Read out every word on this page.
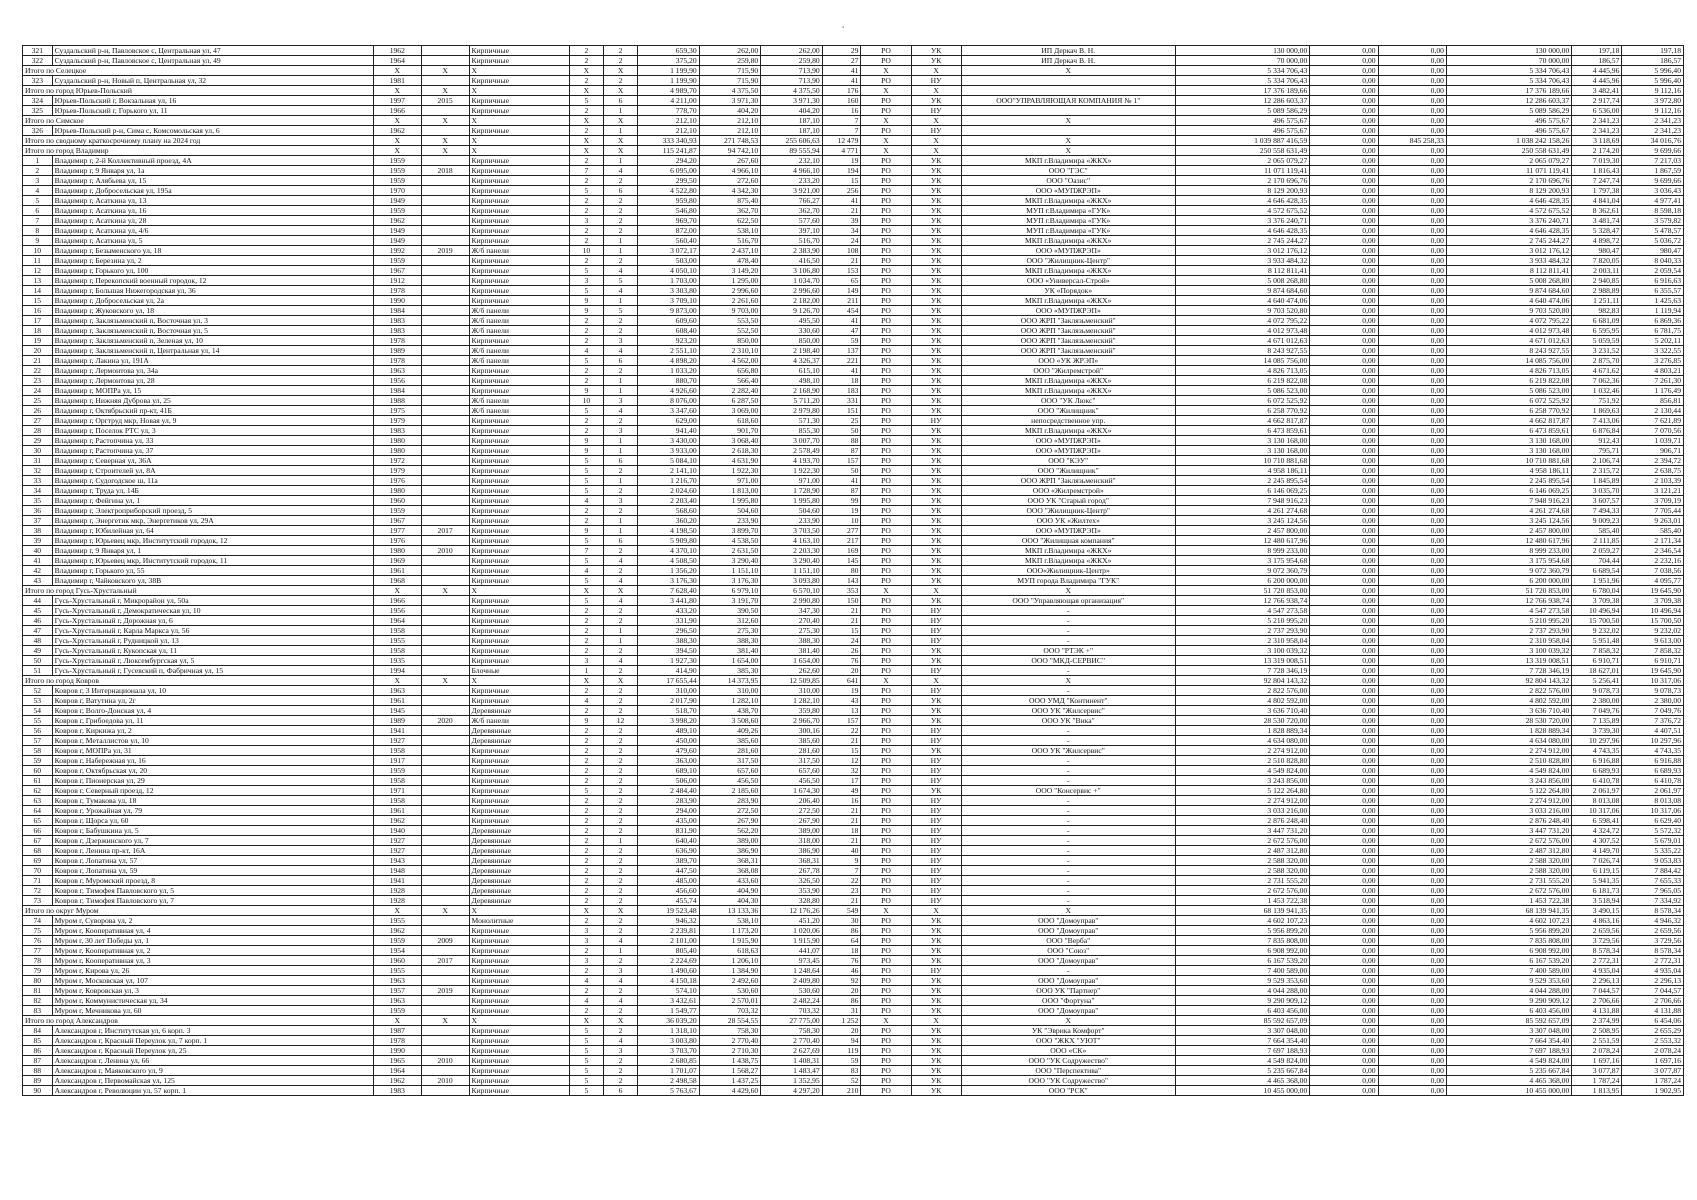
'
321	Суздальский р-н, Павловское с, Центральная ул, 47	1962		Кирпичные	2	2	659,30	262,00	262,00	29	РО	УК	ИП Деркач В. Н.	130 000,00	0,00	0,00	130 000,00	197,18	197,18
322	Суздальский р-н, Павловское с, Центральная ул, 49	1964		Кирпичные	2	2	375,20	259,80	259,80	27	РО	УК	ИП Деркач В. Н.	70 000,00	0,00	0,00	70 000,00	186,57	186,57
Итого по Селецкое		X	X	X	X	X	1 199,90	715,90	713,90	41	X	X	X	5 334 706,43	0,00	0,00	5 334 706,43	4 445,96	5 996,40
323	Суздальский р-н, Новый п, Центральная ул, 32	1981		Кирпичные	2	2	1 199,90	715,90	713,90	41	РО	НУ		5 334 706,43	0,00	0,00	5 334 706,43	4 445,96	5 996,40
Итого по город Юрьев-Польский		X	X	X	X	X	4 989,70	4 375,50	4 375,50	176	X	X		17 376 189,66	0,00	0,00	17 376 189,66	3 482,41	9 112,16
324	Юрьев-Польский г, Вокзальная ул, 16	1997	2015	Кирпичные	5	6	4 211,00	3 971,30	3 971,30	160	РО	УК	ООО"УПРАВЛЯЮЩАЯ КОМПАНИЯ № 1"	12 286 603,37	0,00	0,00	12 286 603,37	2 917,74	3 972,80
325	Юрьев-Польский г, Горького ул, 11	1966		Кирпичные	2	1	778,70	404,20	404,20	16	РО	НУ		5 089 586,29	0,00	0,00	5 089 586,29	6 536,00	9 112,16
Итого по Симское		X	X	X	X	X	212,10	212,10	187,10	7	X	X	X	496 575,67	0,00	0,00	496 575,67	2 341,23	2 341,23
326	Юрьев-Польский р-н, Сима с, Комсомольская ул, 6	1962		Кирпичные	2	1	212,10	212,10	187,10	7	РО	НУ		496 575,67	0,00	0,00	496 575,67	2 341,23	2 341,23
Итого по сводному краткосрочному плану на 2024 год		X	X	X	X	X	333 340,93	271 748,53	255 606,63	12 479	X	X	X	1 039 887 416,59	0,00	845 258,33	1 038 242 158,26	3 118,69	34 016,76
Итого по город Владимир		X	X	X	X	X	115 241,87	94 742,10	89 555,94	4 771	X	X	X	250 558 631,49	0,00	0,00	250 558 631,49	2 174,20	9 699,66
1	Владимир г, 2-й Коллективный проезд, 4А	1959		Кирпичные	2	1	294,20	267,60	232,10	19	РО	УК	МКП г.Владимира «ЖКХ»	2 065 079,27	0,00	0,00	2 065 079,27	7 019,30	7 217,03
2	Владимир г, 9 Января ул, 1а	1959	2018	Кирпичные	7	4	6 095,00	4 966,10	4 966,10	194	РО	УК	ООО "ГЭС"	11 071 119,41	0,00	0,00	11 071 119,41	1 816,43	1 867,59
3	Владимир г, Алябьева ул, 15	1959		Кирпичные	2	2	299,50	272,60	233,20	15	РО	УК	ООО "Оазис"	2 170 696,76	0,00	0,00	2 170 696,76	7 247,74	9 699,66
4	Владимир г, Добросельская ул, 195а	1970		Кирпичные	5	6	4 522,80	4 342,30	3 921,00	256	РО	УК	ООО «МУПЖРЭП»	8 129 200,93	0,00	0,00	8 129 200,93	1 797,38	3 036,43
5	Владимир г, Асаткина ул, 13	1949		Кирпичные	2	2	959,80	875,40	766,27	41	РО	УК	МКП г.Владимира «ЖКХ»	4 646 428,35	0,00	0,00	4 646 428,35	4 841,04	4 977,41
6	Владимир г, Асаткина ул, 16	1959		Кирпичные	2	2	546,80	362,70	362,70	21	РО	УК	МУП г.Владимира «ГУК»	4 572 675,52	0,00	0,00	4 572 675,52	8 362,61	8 598,18
7	Владимир г, Асаткина ул, 28	1962		Кирпичные	3	2	969,70	622,50	577,60	39	РО	УК	МУП г.Владимира «ГУК»	3 376 240,71	0,00	0,00	3 376 240,71	3 481,74	3 579,82
8	Владимир г, Асаткина ул, 4/6	1949		Кирпичные	2	2	872,00	538,10	397,10	34	РО	УК	МУП г.Владимира «ГУК»	4 646 428,35	0,00	0,00	4 646 428,35	5 328,47	5 478,57
9	Владимир г, Асаткина ул, 5	1949		Кирпичные	2	1	560,40	516,70	516,70	24	РО	УК	МКП г.Владимира «ЖКХ»	2 745 244,27	0,00	0,00	2 745 244,27	4 898,72	5 036,72
10	Владимир г, Безыменского ул, 18	1992	2019	Ж/б панели	10	1	3 072,17	2 437,10	2 383,90	108	РО	УК	ООО «МУПЖРЭП»	3 012 176,12	0,00	0,00	3 012 176,12	980,47	980,47
11	Владимир г, Березина ул, 2	1959		Кирпичные	2	2	503,00	478,40	416,50	21	РО	УК	ООО "Жилищник-Центр"	3 933 484,32	0,00	0,00	3 933 484,32	7 820,05	8 040,33
12	Владимир г, Горького ул, 100	1967		Кирпичные	5	4	4 050,10	3 149,20	3 106,80	153	РО	УК	МКП г.Владимира «ЖКХ»	8 112 811,41	0,00	0,00	8 112 811,41	2 003,11	2 059,54
13	Владимир г, Перекопский военный городок, 12	1912		Кирпичные	3	5	1 703,00	1 295,00	1 034,70	65	РО	УК	ООО «Универсал-Строй»	5 008 268,80	0,00	0,00	5 008 268,80	2 940,85	6 916,63
14	Владимир г, Большая Нижегородская ул, 36	1978		Кирпичные	5	4	3 303,80	2 996,60	2 996,60	149	РО	УК	УК «Порядок»	9 874 684,60	0,00	0,00	9 874 684,60	2 988,89	6 355,57
15	Владимир г, Добросельская ул, 2а	1990		Кирпичные	9	1	3 709,10	2 261,60	2 182,00	211	РО	УК	МКП г.Владимира «ЖКХ»	4 640 474,06	0,00	0,00	4 640 474,06	1 251,11	1 425,63
16	Владимир г, Жуковского ул, 18	1984		Ж/б панели	9	5	9 873,00	9 703,00	9 126,70	454	РО	УК	ООО «МУПЖРЭП»	9 703 520,80	0,00	0,00	9 703 520,80	982,83	1 119,94
17	Владимир г, Заклязьменский п, Восточная ул, 3	1983		Ж/б панели	2	2	609,60	553,50	495,50	41	РО	УК	ООО ЖРП "Заклязьменский"	4 072 795,22	0,00	0,00	4 072 795,22	6 681,09	6 869,36
18	Владимир г, Заклязьменский п, Восточная ул, 5	1983		Ж/б панели	2	2	608,40	552,50	330,60	47	РО	УК	ООО ЖРП "Заклязьменский"	4 012 973,48	0,00	0,00	4 012 973,48	6 595,95	6 781,75
19	Владимир г, Заклязьменский п, Зеленая ул, 10	1978		Кирпичные	2	3	923,20	850,00	850,00	59	РО	УК	ООО ЖРП "Заклязьменский"	4 671 012,63	0,00	0,00	4 671 012,63	5 059,59	5 202,11
20	Владимир г, Заклязьменский п, Центральная ул, 14	1989		Ж/б панели	4	4	2 551,10	2 310,10	2 198,40	137	РО	УК	ООО ЖРП "Заклязьменский"	8 243 927,55	0,00	0,00	8 243 927,55	3 231,52	3 322,55
21	Владимир г, Лакина ул, 191А	1978		Ж/б панели	5	6	4 898,20	4 562,00	4 326,37	221	РО	УК	ООО «УК ЖРЭП»	14 085 756,00	0,00	0,00	14 085 756,00	2 875,70	3 276,85
22	Владимир г, Лермонтова ул, 34а	1963		Кирпичные	2	2	1 033,20	656,80	615,10	41	РО	УК	ООО "Жилремстрой"	4 826 713,05	0,00	0,00	4 826 713,05	4 671,62	4 803,21
23	Владимир г, Лермонтова ул, 28	1956		Кирпичные	2	1	880,70	566,40	498,10	18	РО	УК	МКП г.Владимира «ЖКХ»	6 219 822,08	0,00	0,00	6 219 822,08	7 062,36	7 261,30
24	Владимир г, МОПРа ул, 15	1984		Кирпичные	9	1	4 926,60	2 282,40	2 168,90	183	РО	УК	МКП г.Владимира «ЖКХ»	5 086 523,00	0,00	0,00	5 086 523,00	1 032,46	1 176,49
25	Владимир г, Нижняя Дуброва ул, 25	1988		Ж/б панели	10	3	8 076,00	6 287,50	5 711,20	331	РО	УК	ООО "УК Люкс"	6 072 525,92	0,00	0,00	6 072 525,92	751,92	856,81
26	Владимир г, Октябрьский пр-кт, 41Б	1975		Ж/б панели	5	4	3 347,60	3 069,00	2 979,80	151	РО	УК	ООО "Жилищник"	6 258 770,92	0,00	0,00	6 258 770,92	1 869,63	2 130,44
27	Владимир г, Оргтруд мкр, Новая ул, 9	1979		Кирпичные	2	2	629,00	618,60	571,30	25	РО	НУ	непосредственное упр.	4 662 817,87	0,00	0,00	4 662 817,87	7 413,06	7 621,89
28	Владимир г, Поселок РТС ул, 3	1983		Кирпичные	2	3	941,40	901,70	855,30	50	РО	УК	МКП г.Владимира «ЖКХ»	6 473 859,61	0,00	0,00	6 473 859,61	6 876,84	7 070,56
29	Владимир г, Растопчина ул, 33	1980		Кирпичные	9	1	3 430,00	3 068,40	3 007,70	88	РО	УК	ООО «МУПЖРЭП»	3 130 168,00	0,00	0,00	3 130 168,00	912,43	1 039,71
30	Владимир г, Растопчина ул, 37	1980		Кирпичные	9	1	3 933,00	2 618,30	2 578,49	87	РО	УК	ООО «МУПЖРЭП»	3 130 168,00	0,00	0,00	3 130 168,00	795,71	906,71
31	Владимир г, Северная ул, 36А	1972		Кирпичные	5	6	5 084,10	4 631,90	4 193,70	157	РО	УК	ООО "КЭУ"	10 710 881,68	0,00	0,00	10 710 881,68	2 106,74	2 394,72
32	Владимир г, Строителей ул, 8А	1979		Кирпичные	5	2	2 141,10	1 922,30	1 922,30	50	РО	УК	ООО "Жилищник"	4 958 186,11	0,00	0,00	4 958 186,11	2 315,72	2 638,75
33	Владимир г, Судогодское ш, 11а	1976		Кирпичные	5	1	1 216,70	971,00	971,00	41	РО	УК	ООО ЖРП "Заклязьменский"	2 245 895,54	0,00	0,00	2 245 895,54	1 845,89	2 103,39
34	Владимир г, Труда ул, 14Б	1980		Кирпичные	5	2	2 024,60	1 813,00	1 728,90	87	РО	УК	ООО «Жилремстрой»	6 146 069,25	0,00	0,00	6 146 069,25	3 035,70	3 121,21
35	Владимир г, Фейгина ул, 1	1960		Кирпичные	4	3	2 203,40	1 995,80	1 995,80	99	РО	УК	ООО УК "Старый город"	7 948 916,23	0,00	0,00	7 948 916,23	3 607,57	3 709,19
36	Владимир г, Электроприборский проезд, 5	1959		Кирпичные	2	2	568,60	504,60	504,60	19	РО	УК	ООО "Жилищник-Центр"	4 261 274,68	0,00	0,00	4 261 274,68	7 494,33	7 705,44
37	Владимир г, Энергетик мкр, Энергетиков ул, 29А	1967		Кирпичные	2	1	360,20	233,90	233,90	10	РО	УК	ООО УК «Жилтех»	3 245 124,56	0,00	0,00	3 245 124,56	9 009,23	9 263,01
38	Владимир г, Юбилейная ул, 64	1977	2017	Кирпичные	9	1	4 198,50	3 899,70	3 703,50	277	РО	УК	ООО «МУПЖРЭП»	2 457 800,00	0,00	0,00	2 457 800,00	585,40	585,40
39	Владимир г, Юрьевец мкр, Институтский городок, 12	1976		Кирпичные	5	6	5 909,80	4 538,50	4 163,10	217	РО	УК	ООО "Жилищная компания"	12 480 617,96	0,00	0,00	12 480 617,96	2 111,85	2 171,34
40	Владимир г, 9 Января ул, 1	1980	2010	Кирпичные	7	2	4 370,10	2 631,50	2 203,30	169	РО	УК	МКП г.Владимира «ЖКХ»	8 999 233,00	0,00	0,00	8 999 233,00	2 059,27	2 346,54
41	Владимир г, Юрьевец мкр, Институтский городок, 11	1969		Кирпичные	5	4	4 508,50	3 290,40	3 290,40	145	РО	УК	МКП г.Владимира «ЖКХ»	3 175 954,68	0,00	0,00	3 175 954,68	704,44	2 232,16
42	Владимир г, Горького ул, 55	1961		Кирпичные	4	2	1 356,20	1 151,10	1 151,10	80	РО	УК	ООО«Жилищник-Центр»	9 072 360,79	0,00	0,00	9 072 360,79	6 689,54	7 038,56
43	Владимир г, Чайковского ул, 38В	1968		Кирпичные	5	4	3 176,30	3 176,30	3 093,80	143	РО	УК	МУП города Владимира "ГУК"	6 200 000,00	0,00	0,00	6 200 000,00	1 951,96	4 095,77
Итого по город Гусь-Хрустальный		X	X	X	X	X	7 628,40	6 979,10	6 570,10	353	X	X	X	51 720 853,00	0,00	0,00	51 720 853,00	6 780,04	19 645,90
44	Гусь-Хрустальный г, Микрорайон ул, 50а	1966		Кирпичные	5	4	3 441,80	3 191,70	2 990,80	150	РО	УК	ООО "Управляющая организация"	12 766 938,74	0,00	0,00	12 766 938,74	3 709,38	3 709,38
45	Гусь-Хрустальный г, Демократическая ул, 10	1956		Кирпичные	2	2	433,20	390,50	347,30	21	РО	НУ	-	4 547 273,58	0,00	0,00	4 547 273,58	10 496,94	10 496,94
46	Гусь-Хрустальный г, Дорожная ул, 6	1964		Кирпичные	2	2	331,90	312,60	270,40	21	РО	НУ	-	5 210 995,20	0,00	0,00	5 210 995,20	15 700,50	15 700,50
47	Гусь-Хрустальный г, Карла Маркса ул, 56	1958		Кирпичные	2	1	296,50	275,30	275,30	15	РО	НУ	-	2 737 293,90	0,00	0,00	2 737 293,90	9 232,02	9 232,02
48	Гусь-Хрустальный г, Рудницкой ул, 13	1955		Кирпичные	2	1	388,30	388,30	388,30	24	РО	НУ	-	2 310 958,04	0,00	0,00	2 310 958,04	5 951,48	9 613,00
49	Гусь-Хрустальный г, Кукопская ул, 11	1958		Кирпичные	2	2	394,50	381,40	381,40	26	РО	УК	ООО "РТЭК +"	3 100 039,32	0,00	0,00	3 100 039,32	7 858,32	7 858,32
50	Гусь-Хрустальный г, Люксембургская ул, 5	1935		Кирпичные	3	4	1 927,30	1 654,00	1 654,00	76	РО	УК	ООО "МКД-СЕРВИС"	13 319 008,51	0,00	0,00	13 319 008,51	6 910,71	6 910,71
51	Гусь-Хрустальный г, Гусевский п, Фабричная ул, 15	1994		Блочные	1	2	414,90	385,30	262,60	20	РО	НУ	-	7 728 346,19	0,00	0,00	7 728 346,19	18 627,01	19 645,90
Итого по город Ковров		X	X	X	X	X	17 655,44	14 373,95	12 509,85	641	X	X	X	92 804 143,32	0,00	0,00	92 804 143,32	5 256,41	10 317,06
52	Ковров г, 3 Интернационала ул, 10	1963		Кирпичные	2	2	310,00	310,00	310,00	19	РО	НУ	-	2 822 576,00	0,00	0,00	2 822 576,00	9 078,73	9 078,73
53	Ковров г, Ватутина ул, 2г	1961		Кирпичные	4	2	2 017,90	1 282,10	1 282,10	43	РО	УК	ООО УМД "Континент"	4 802 592,00	0,00	0,00	4 802 592,00	2 380,00	2 380,00
54	Ковров г, Волго-Донская ул, 4	1945		Деревянные	2	2	518,70	438,70	359,80	13	РО	УК	ООО УК "Жилсервис"	3 636 710,40	0,00	0,00	3 636 710,40	7 049,76	7 049,76
55	Ковров г, Грибоедова ул, 11	1989	2020	Ж/б панели	9	12	3 998,20	3 508,60	2 966,70	157	РО	УК	ООО УК "Вика"	28 530 720,00	0,00	0,00	28 530 720,00	7 135,89	7 376,72
56	Ковров г, Киркижа ул, 2	1941		Деревянные	2	2	489,10	409,26	300,16	22	РО	НУ	-	1 828 889,34	0,00	0,00	1 828 889,34	3 739,30	4 407,51
57	Ковров г, Металлистов ул, 10	1927		Деревянные	2	2	450,00	385,60	385,60	21	РО	НУ	-	4 634 080,00	0,00	0,00	4 634 080,00	10 297,96	10 297,96
58	Ковров г, МОПРа ул, 31	1958		Кирпичные	2	2	479,60	281,60	281,60	15	РО	УК	ООО УК "Жилсервис"	2 274 912,00	0,00	0,00	2 274 912,00	4 743,35	4 743,35
59	Ковров г, Набережная ул, 16	1917		Кирпичные	2	2	363,00	317,50	317,50	12	РО	НУ	-	2 510 828,80	0,00	0,00	2 510 828,80	6 916,88	6 916,88
60	Ковров г, Октябрьская ул, 20	1959		Кирпичные	2	2	689,10	657,60	657,60	32	РО	НУ	-	4 549 824,00	0,00	0,00	4 549 824,00	6 689,93	6 689,93
61	Ковров г, Пионерская ул, 29	1958		Кирпичные	2	2	506,00	456,50	456,50	17	РО	НУ	-	3 243 856,00	0,00	0,00	3 243 856,00	6 410,78	6 410,78
62	Ковров г, Северный проезд, 12	1971		Кирпичные	5	2	2 484,40	2 185,60	1 674,30	49	РО	УК	ООО "Консервис +"	5 122 264,80	0,00	0,00	5 122 264,80	2 061,97	2 061,97
63	Ковров г, Тумакова ул, 18	1958		Кирпичные	2	2	283,90	283,90	206,40	16	РО	НУ	-	2 274 912,00	0,00	0,00	2 274 912,00	8 013,08	8 013,08
64	Ковров г, Урожайная ул, 79	1961		Кирпичные	2	2	294,00	272,50	272,50	21	РО	НУ	-	3 033 216,00	0,00	0,00	3 033 216,00	10 317,06	10 317,06
65	Ковров г, Щорса ул, 60	1962		Кирпичные	2	2	435,00	267,90	267,90	21	РО	НУ	-	2 876 248,40	0,00	0,00	2 876 248,40	6 598,41	6 629,40
66	Ковров г, Бабушкина ул, 5	1940		Деревянные	2	2	831,90	562,20	389,00	18	РО	НУ	-	3 447 731,20	0,00	0,00	3 447 731,20	4 324,72	5 572,32
67	Ковров г, Дзержинского ул, 7	1927		Деревянные	2	1	640,40	389,00	318,00	21	РО	НУ	-	2 672 576,00	0,00	0,00	2 672 576,00	4 307,52	5 679,01
68	Ковров г, Ленина пр-кт, 16А	1927		Деревянные	2	2	636,90	386,90	386,90	40	РО	НУ	-	2 487 312,80	0,00	0,00	2 487 312,80	4 149,70	5 335,22
69	Ковров г, Лопатина ул, 57	1943		Деревянные	2	2	389,70	368,31	368,31	9	РО	НУ	-	2 588 320,00	0,00	0,00	2 588 320,00	7 026,74	9 053,83
70	Ковров г, Лопатина ул, 59	1948		Деревянные	2	2	447,50	368,08	267,78	7	РО	НУ	-	2 588 320,00	0,00	0,00	2 588 320,00	6 119,15	7 884,42
71	Ковров г, Муромский проезд, 8	1941		Деревянные	2	2	485,00	433,60	326,50	22	РО	НУ	-	2 731 555,20	0,00	0,00	2 731 555,20	5 941,35	7 655,33
72	Ковров г, Тимофея Павловского ул, 5	1928		Деревянные	2	2	456,60	404,90	353,90	23	РО	НУ	-	2 672 576,00	0,00	0,00	2 672 576,00	6 181,73	7 965,05
73	Ковров г, Тимофея Павловского ул, 7	1928		Деревянные	2	2	455,74	404,30	328,80	21	РО	НУ	-	1 453 722,38	0,00	0,00	1 453 722,38	3 518,94	7 334,92
Итого по округ Муром		X	X	X	X	X	19 523,48	13 133,36	12 176,26	549	X	X	X	68 139 941,35	0,00	0,00	68 139 941,35	3 490,15	8 578,34
74	Муром г, Суворова ул, 2	1955		Монолитные	2	2	946,32	538,10	451,20	30	РО	УК	ООО "Домоуправ"	4 602 107,23	0,00	0,00	4 602 107,23	4 863,16	4 946,32
75	Муром г, Кооперативная ул, 4	1962		Кирпичные	3	2	2 239,81	1 173,20	1 020,06	86	РО	УК	ООО "Домоуправ"	5 956 899,20	0,00	0,00	5 956 899,20	2 659,56	2 659,56
76	Муром г, 30 лет Победы ул, 1	1959	2009	Кирпичные	3	4	2 101,00	1 915,90	1 915,90	64	РО	УК	ООО "Верба"	7 835 808,00	0,00	0,00	7 835 808,00	3 729,56	3 729,56
77	Муром г, Кооперативная ул, 2	1954		Кирпичные	2	1	805,40	618,63	441,07	18	РО	УК	ООО "Союз"	6 908 992,00	0,00	0,00	6 908 992,00	8 578,34	8 578,34
78	Муром г, Кооперативная ул, 3	1960	2017	Кирпичные	3	2	2 224,69	1 206,10	973,45	76	РО	УК	ООО "Домоуправ"	6 167 539,20	0,00	0,00	6 167 539,20	2 772,31	2 772,31
79	Муром г, Кирова ул, 26	1955		Кирпичные	2	3	1 490,60	1 384,90	1 248,64	46	РО	НУ	-	7 400 589,00	0,00	0,00	7 400 589,00	4 935,04	4 935,04
80	Муром г, Московская ул, 107	1963		Кирпичные	4	4	4 150,18	2 492,60	2 409,80	92	РО	УК	ООО "Домоуправ"	9 529 353,60	0,00	0,00	9 529 353,60	2 296,13	2 296,13
81	Муром г, Ковровская ул, 3	1957	2019	Кирпичные	2	2	574,10	530,60	530,60	20	РО	УК	ООО УК "Партнер"	4 044 288,00	0,00	0,00	4 044 288,00	7 044,57	7 044,57
82	Муром г, Коммунистическая ул, 34	1963		Кирпичные	4	4	3 432,61	2 570,01	2 482,24	86	РО	УК	ООО "Фортуна"	9 290 909,12	0,00	0,00	9 290 909,12	2 706,66	2 706,66
83	Муром г, Мечникова ул, 60	1959		Кирпичные	2	2	1 549,77	703,32	703,32	31	РО	УК	ООО "Домоуправ"	6 403 456,00	0,00	0,00	6 403 456,00	4 131,88	4 131,88
Итого по город Александров		X	X	X	X	X	36 039,20	28 554,55	27 775,00	1 252	X	X	X	85 592 657,09	0,00	0,00	85 592 657,09	2 374,99	6 454,06
84	Александров г, Институтская ул, 6 корп. 3	1987		Кирпичные	5	2	1 318,10	758,30	758,30	20	РО	УК	УК "Эврика Комфорт"	3 307 048,00	0,00	0,00	3 307 048,00	2 508,95	2 655,29
85	Александров г, Красный Переулок ул, 7 корп. 1	1978		Кирпичные	5	4	3 003,80	2 770,40	2 770,40	94	РО	УК	ООО "ЖКХ "УЮТ"	7 664 354,40	0,00	0,00	7 664 354,40	2 551,59	2 553,32
86	Александров г, Красный Переулок ул, 25	1990		Кирпичные	5	3	3 703,70	2 710,30	2 627,69	119	РО	УК	ООО «СК»	7 697 188,93	0,00	0,00	7 697 188,93	2 078,24	2 078,24
87	Александров г, Ленина ул, 66	1965	2010	Кирпичные	5	2	2 680,85	1 438,75	1 408,31	59	РО	УК	ООО "УК Содружество"	4 549 824,00	0,00	0,00	4 549 824,00	1 697,16	1 697,16
88	Александров г, Маяковского ул, 9	1964		Кирпичные	5	2	1 701,07	1 568,27	1 483,47	83	РО	УК	ООО "Перспектива"	5 235 667,84	0,00	0,00	5 235 667,84	3 077,87	3 077,87
89	Александров г, Первомайская ул, 125	1962	2010	Кирпичные	5	2	2 498,58	1 437,25	1 352,95	52	РО	УК	ООО "УК Содружество"	4 465 368,00	0,00	0,00	4 465 368,00	1 787,24	1 787,24
90	Александров г, Революции ул, 57 корп. 1	1983		Кирпичные	5	6	5 763,67	4 429,60	4 297,20	210	РО	УК	ООО "РСК"	10 455 000,00	0,00	0,00	10 455 000,00	1 813,95	1 902,95
